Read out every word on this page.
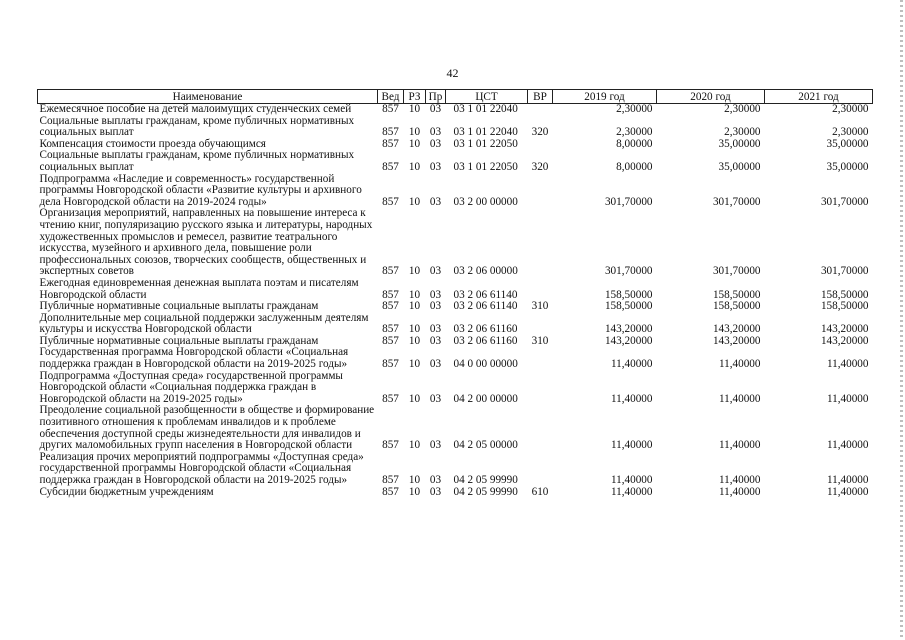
42
Наименование	Вед	РЗ	Пр	ЦСТ	ВР	2019 год	2020 год	2021 год
Ежемесячное пособие на детей малоимущих студенческих семей	857	10	03	03 1 01 22040		2,30000	2,30000	2,30000
Социальные выплаты гражданам, кроме публичных нормативных социальных выплат	857	10	03	03 1 01 22040	320	2,30000	2,30000	2,30000
Компенсация стоимости проезда обучающимся	857	10	03	03 1 01 22050		8,00000	35,00000	35,00000
Социальные выплаты гражданам, кроме публичных нормативных социальных выплат	857	10	03	03 1 01 22050	320	8,00000	35,00000	35,00000
Подпрограмма «Наследие и современность» государственной программы Новгородской области «Развитие культуры и архивного дела Новгородской области на 2019-2024 годы»	857	10	03	03 2 00 00000		301,70000	301,70000	301,70000
Организация мероприятий, направленных на повышение интереса к чтению книг, популяризацию русского языка и литературы, народных художественных промыслов и ремесел, развитие театрального искусства, музейного и архивного дела, повышение роли профессиональных союзов, творческих сообществ, общественных и экспертных советов	857	10	03	03 2 06 00000		301,70000	301,70000	301,70000
Ежегодная единовременная денежная выплата поэтам и писателям Новгородской области	857	10	03	03 2 06 61140		158,50000	158,50000	158,50000
Публичные нормативные социальные выплаты гражданам	857	10	03	03 2 06 61140	310	158,50000	158,50000	158,50000
Дополнительные мер социальной поддержки заслуженным деятелям культуры и искусства Новгородской области	857	10	03	03 2 06 61160		143,20000	143,20000	143,20000
Публичные нормативные социальные выплаты гражданам	857	10	03	03 2 06 61160	310	143,20000	143,20000	143,20000
Государственная программа Новгородской области «Социальная поддержка граждан в Новгородской области на 2019-2025 годы»	857	10	03	04 0 00 00000		11,40000	11,40000	11,40000
Подпрограмма «Доступная среда» государственной программы Новгородской области «Социальная поддержка граждан в Новгородской области на 2019-2025 годы»	857	10	03	04 2 00 00000		11,40000	11,40000	11,40000
Преодоление социальной разобщенности в обществе и формирование позитивного отношения к проблемам инвалидов и к проблеме обеспечения доступной среды жизнедеятельности для инвалидов и других маломобильных групп населения в Новгородской области	857	10	03	04 2 05 00000		11,40000	11,40000	11,40000
Реализация прочих мероприятий подпрограммы «Доступная среда» государственной программы Новгородской области «Социальная поддержка граждан в Новгородской области на 2019-2025 годы»	857	10	03	04 2 05 99990		11,40000	11,40000	11,40000
Субсидии бюджетным учреждениям	857	10	03	04 2 05 99990	610	11,40000	11,40000	11,40000
